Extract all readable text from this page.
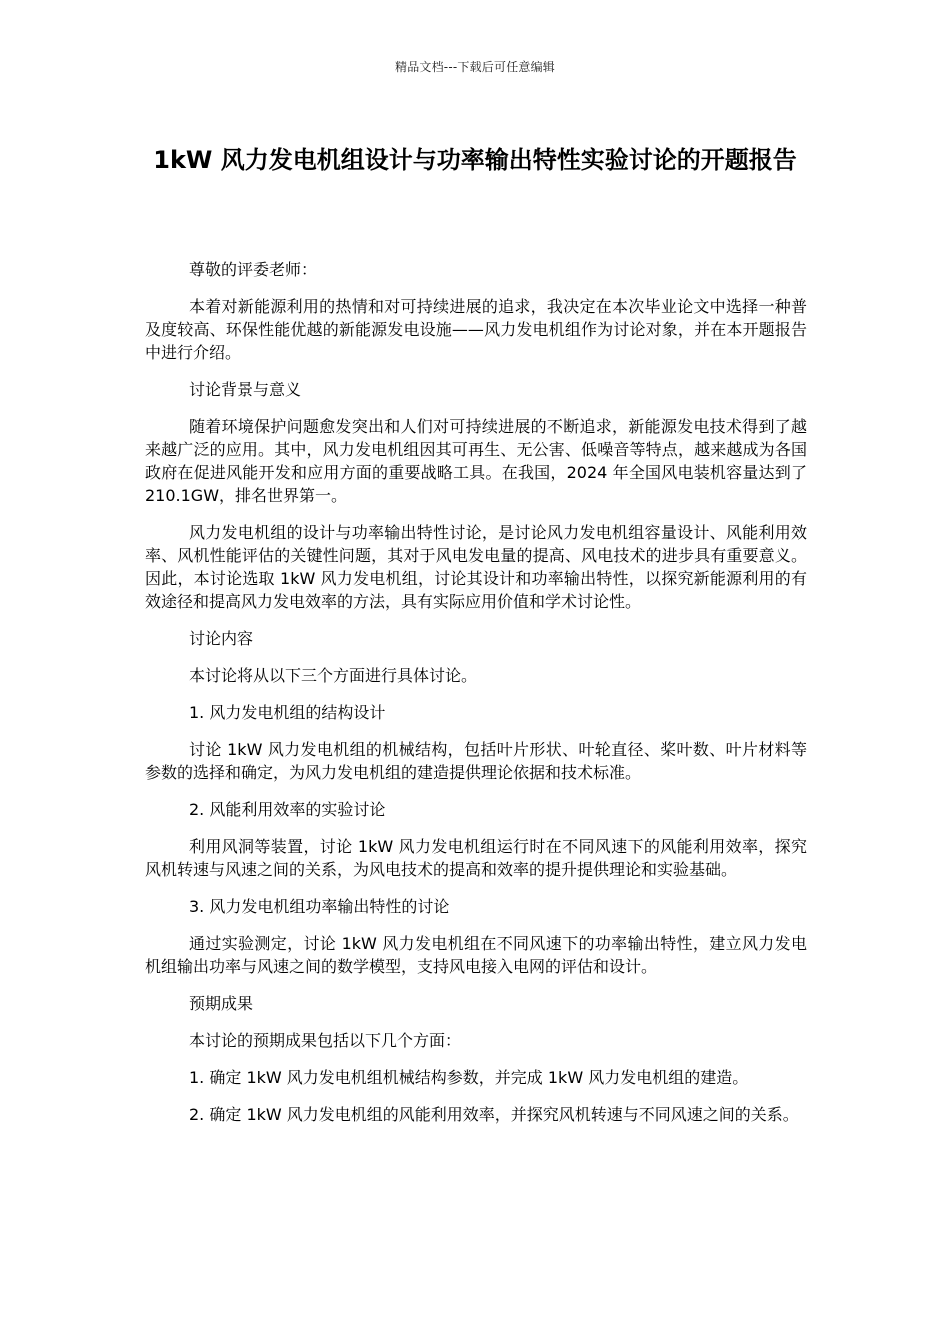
精品文档---下载后可任意编辑
1kW 风力发电机组设计与功率输出特性实验讨论的开题报告

尊敬的评委老师：

本着对新能源利用的热情和对可持续进展的追求，我决定在本次毕业论文中选择一种普及度较高、环保性能优越的新能源发电设施——风力发电机组作为讨论对象，并在本开题报告中进行介绍。

讨论背景与意义

随着环境保护问题愈发突出和人们对可持续进展的不断追求，新能源发电技术得到了越来越广泛的应用。其中，风力发电机组因其可再生、无公害、低噪音等特点，越来越成为各国政府在促进风能开发和应用方面的重要战略工具。在我国，2024 年全国风电装机容量达到了 210.1GW，排名世界第一。

风力发电机组的设计与功率输出特性讨论，是讨论风力发电机组容量设计、风能利用效率、风机性能评估的关键性问题，其对于风电发电量的提高、风电技术的进步具有重要意义。因此，本讨论选取 1kW 风力发电机组，讨论其设计和功率输出特性，以探究新能源利用的有效途径和提高风力发电效率的方法，具有实际应用价值和学术讨论性。

讨论内容

本讨论将从以下三个方面进行具体讨论。

1. 风力发电机组的结构设计

讨论 1kW 风力发电机组的机械结构，包括叶片形状、叶轮直径、桨叶数、叶片材料等参数的选择和确定，为风力发电机组的建造提供理论依据和技术标准。

2. 风能利用效率的实验讨论

利用风洞等装置，讨论 1kW 风力发电机组运行时在不同风速下的风能利用效率，探究风机转速与风速之间的关系，为风电技术的提高和效率的提升提供理论和实验基础。

3. 风力发电机组功率输出特性的讨论

通过实验测定，讨论 1kW 风力发电机组在不同风速下的功率输出特性，建立风力发电机组输出功率与风速之间的数学模型，支持风电接入电网的评估和设计。

预期成果

本讨论的预期成果包括以下几个方面：

1. 确定 1kW 风力发电机组机械结构参数，并完成 1kW 风力发电机组的建造。

2. 确定 1kW 风力发电机组的风能利用效率，并探究风机转速与不同风速之间的关系。
